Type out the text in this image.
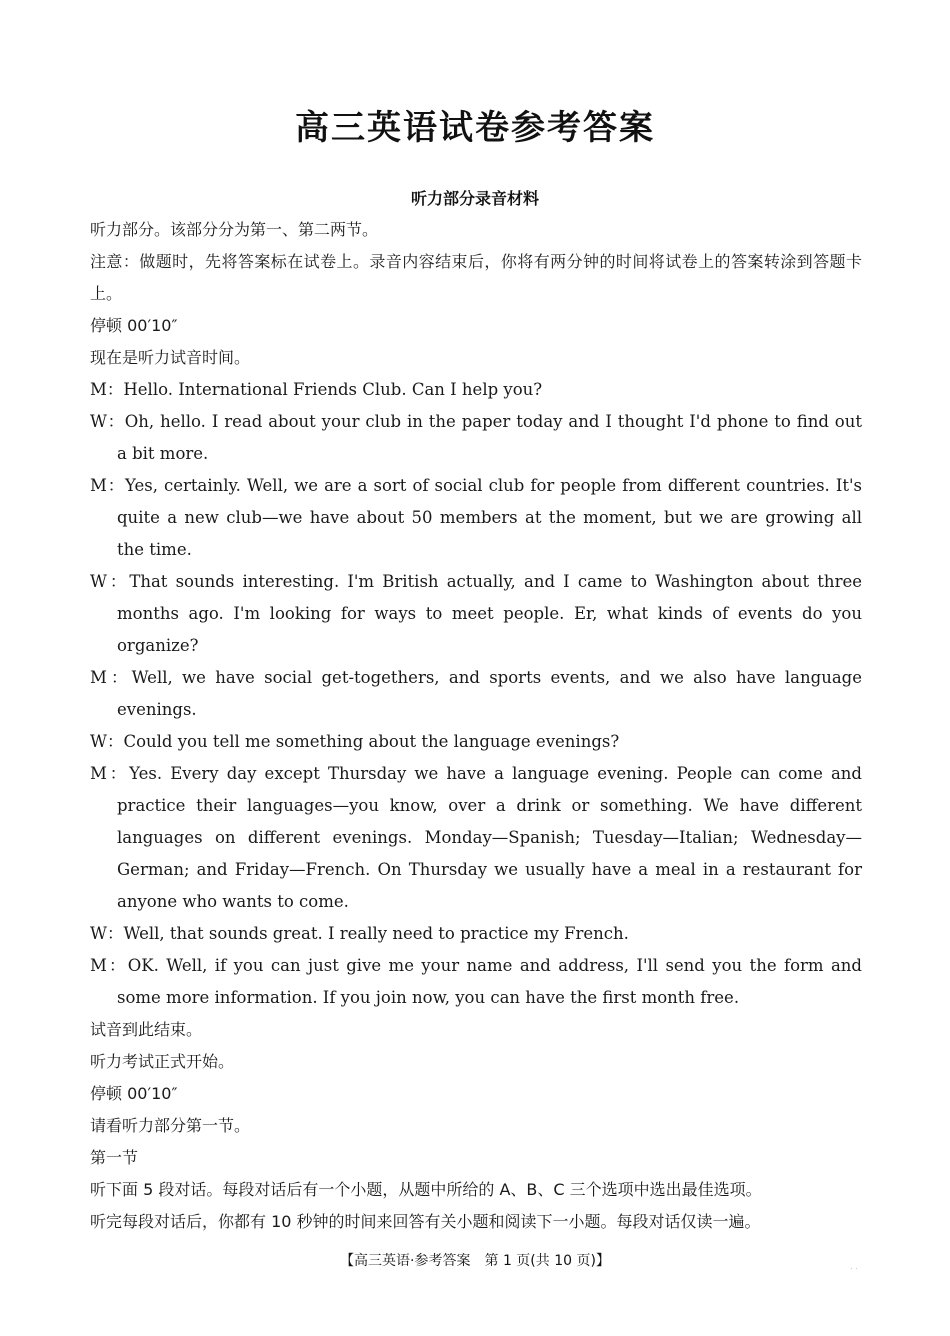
高三英语试卷参考答案
听力部分录音材料

听力部分。该部分分为第一、第二两节。

注意：做题时，先将答案标在试卷上。录音内容结束后，你将有两分钟的时间将试卷上的答案转涂到答题卡上。

停顿 00′10″

现在是听力试音时间。

M：Hello. International Friends Club. Can I help you?

W：Oh, hello. I read about your club in the paper today and I thought I'd phone to find out a bit more.

M：Yes, certainly. Well, we are a sort of social club for people from different countries. It's quite a new club—we have about 50 members at the moment, but we are growing all the time.

W：That sounds interesting. I'm British actually, and I came to Washington about three months ago. I'm looking for ways to meet people. Er, what kinds of events do you organize?

M：Well, we have social get-togethers, and sports events, and we also have language evenings.

W：Could you tell me something about the language evenings?

M：Yes. Every day except Thursday we have a language evening. People can come and practice their languages—you know, over a drink or something. We have different languages on different evenings. Monday—Spanish; Tuesday—Italian; Wednesday—German; and Friday—French. On Thursday we usually have a meal in a restaurant for anyone who wants to come.

W：Well, that sounds great. I really need to practice my French.

M：OK. Well, if you can just give me your name and address, I'll send you the form and some more information. If you join now, you can have the first month free.

试音到此结束。

听力考试正式开始。

停顿 00′10″

请看听力部分第一节。

第一节

听下面 5 段对话。每段对话后有一个小题，从题中所给的 A、B、C 三个选项中选出最佳选项。

听完每段对话后，你都有 10 秒钟的时间来回答有关小题和阅读下一小题。每段对话仅读一遍。

【高三英语·参考答案　第 1 页(共 10 页)】	. .
